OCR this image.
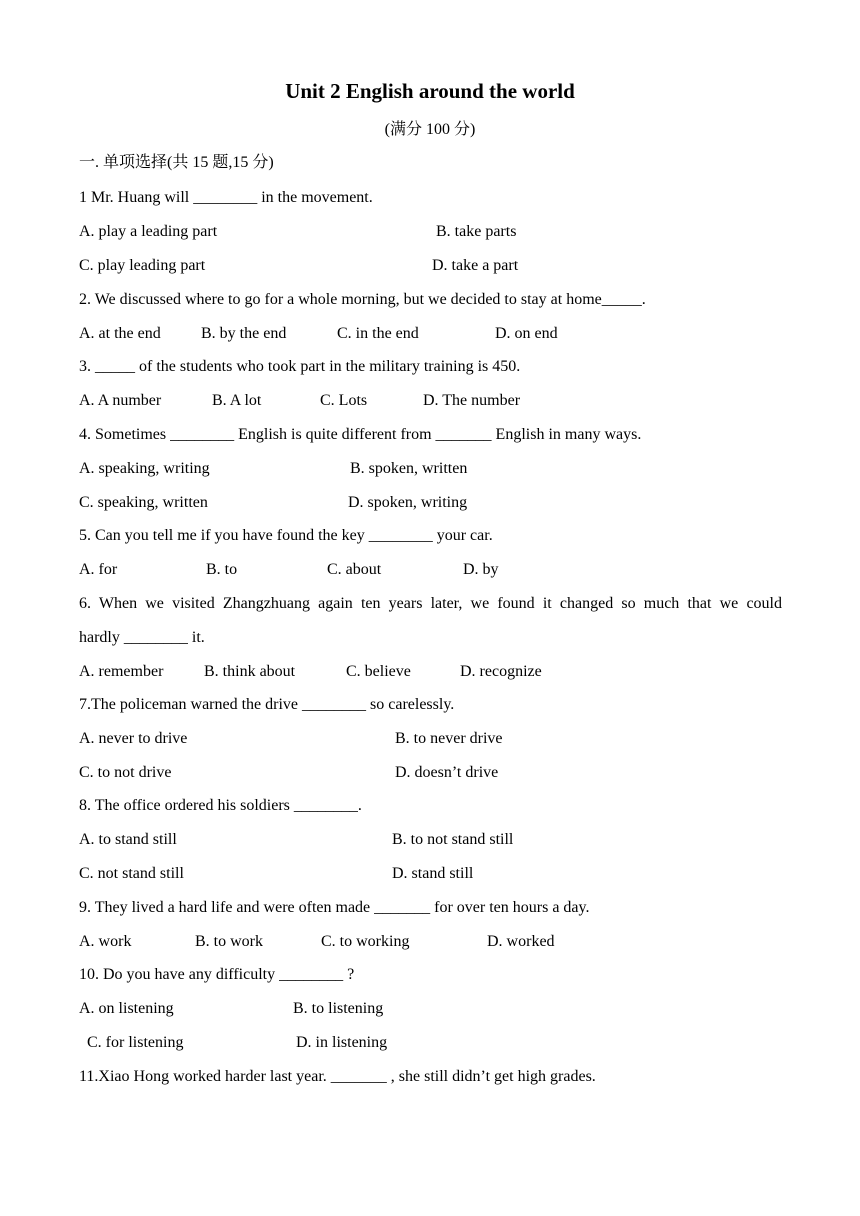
Unit 2 English around the world
(满分 100 分)
一. 单项选择(共 15 题,15 分)
1 Mr. Huang will ________ in the movement.
A. play a leading part	B. take parts
C. play leading part	D. take a part
2. We discussed where to go for a whole morning, but we decided to stay at home_____.
A. at the end	B. by the end	C. in the end	D. on end
3. _____ of the students who took part in the military training is 450.
A. A number	B. A lot	C. Lots	D. The number
4. Sometimes ________ English is quite different from _______ English in many ways.
A. speaking, writing	B. spoken, written
C. speaking, written	D. spoken, writing
5. Can you tell me if you have found the key ________ your car.
A. for	B. to	C. about	D. by
6. When we visited Zhangzhuang again ten years later, we found it changed so much that we could
hardly ________ it.
A. remember	B. think about	C. believe	D. recognize
7.The policeman warned the drive ________ so carelessly.
A. never to drive	B. to never drive
C. to not drive	D. doesn’t drive
8. The office ordered his soldiers ________.
A. to stand still	B. to not stand still
C. not stand still	D. stand still
9. They lived a hard life and were often made _______ for over ten hours a day.
A. work	B. to work	C. to working	D. worked
10. Do you have any difficulty ________ ?
A. on listening	B. to listening
C. for listening	D. in listening
11.Xiao Hong worked harder last year. _______ , she still didn’t get high grades.
